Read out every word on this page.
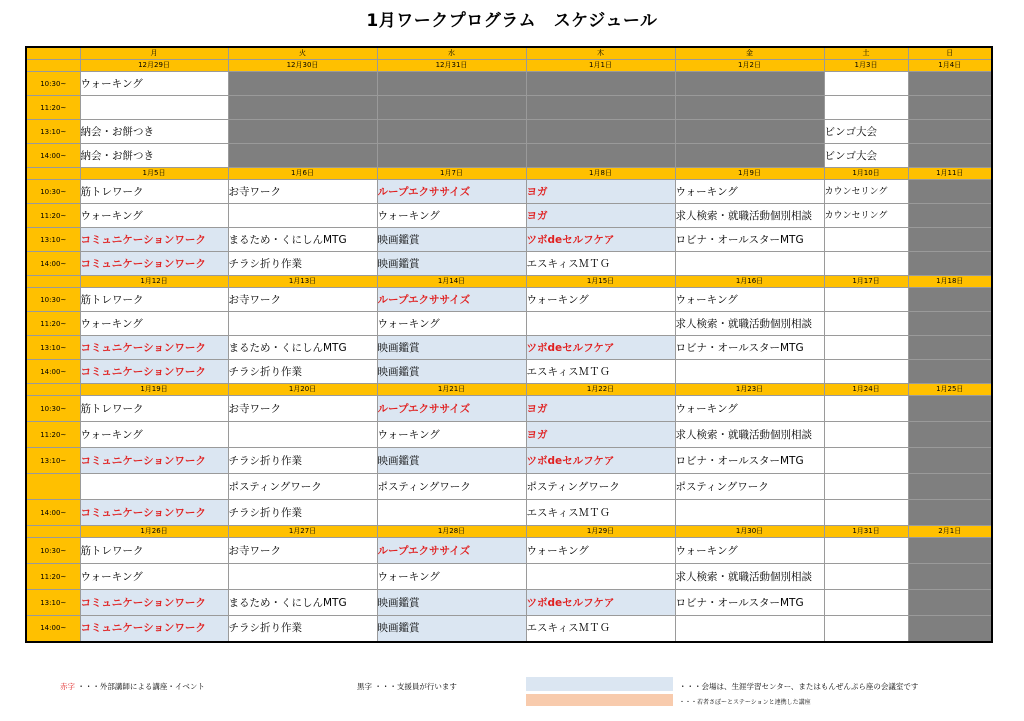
1月ワークプログラム　スケジュール
	月	火	水	木	金	土	日
	12月29日	12月30日	12月31日	1月1日	1月2日	1月3日	1月4日
10:30~	ウォーキング						
11:20~							
13:10~	納会・お餅つき					ビンゴ大会	
14:00~	納会・お餅つき					ビンゴ大会	
	1月5日	1月6日	1月7日	1月8日	1月9日	1月10日	1月11日
10:30~	筋トレワーク	お寺ワーク	ループエクササイズ	ヨガ	ウォーキング	カウンセリング	
11:20~	ウォーキング		ウォーキング	ヨガ	求人検索・就職活動個別相談	カウンセリング	
13:10~	コミュニケーションワーク	まるため・くにしんMTG	映画鑑賞	ツボdeセルフケア	ロビナ・オールスターMTG		
14:00~	コミュニケーションワーク	チラシ折り作業	映画鑑賞	エスキィスＭＴＧ			
	1月12日	1月13日	1月14日	1月15日	1月16日	1月17日	1月18日
10:30~	筋トレワーク	お寺ワーク	ループエクササイズ	ウォーキング	ウォーキング		
11:20~	ウォーキング		ウォーキング		求人検索・就職活動個別相談		
13:10~	コミュニケーションワーク	まるため・くにしんMTG	映画鑑賞	ツボdeセルフケア	ロビナ・オールスターMTG		
14:00~	コミュニケーションワーク	チラシ折り作業	映画鑑賞	エスキィスＭＴＧ			
	1月19日	1月20日	1月21日	1月22日	1月23日	1月24日	1月25日
10:30~	筋トレワーク	お寺ワーク	ループエクササイズ	ヨガ	ウォーキング		
11:20~	ウォーキング		ウォーキング	ヨガ	求人検索・就職活動個別相談		
13:10~	コミュニケーションワーク	チラシ折り作業	映画鑑賞	ツボdeセルフケア	ロビナ・オールスターMTG		
		ポスティングワーク	ポスティングワーク	ポスティングワーク	ポスティングワーク		
14:00~	コミュニケーションワーク	チラシ折り作業		エスキィスＭＴＧ			
	1月26日	1月27日	1月28日	1月29日	1月30日	1月31日	2月1日
10:30~	筋トレワーク	お寺ワーク	ループエクササイズ	ウォーキング	ウォーキング		
11:20~	ウォーキング		ウォーキング		求人検索・就職活動個別相談		
13:10~	コミュニケーションワーク	まるため・くにしんMTG	映画鑑賞	ツボdeセルフケア	ロビナ・オールスターMTG		
14:00~	コミュニケーションワーク	チラシ折り作業	映画鑑賞	エスキィスＭＴＧ			
赤字 ・・・外部講師による講座・イベント	黒字 ・・・支援員が行います	・・・会場は、生涯学習センター、またはもんぜんぷら座の会議室です
・・・若者さぽーとステーションと連携した講座
